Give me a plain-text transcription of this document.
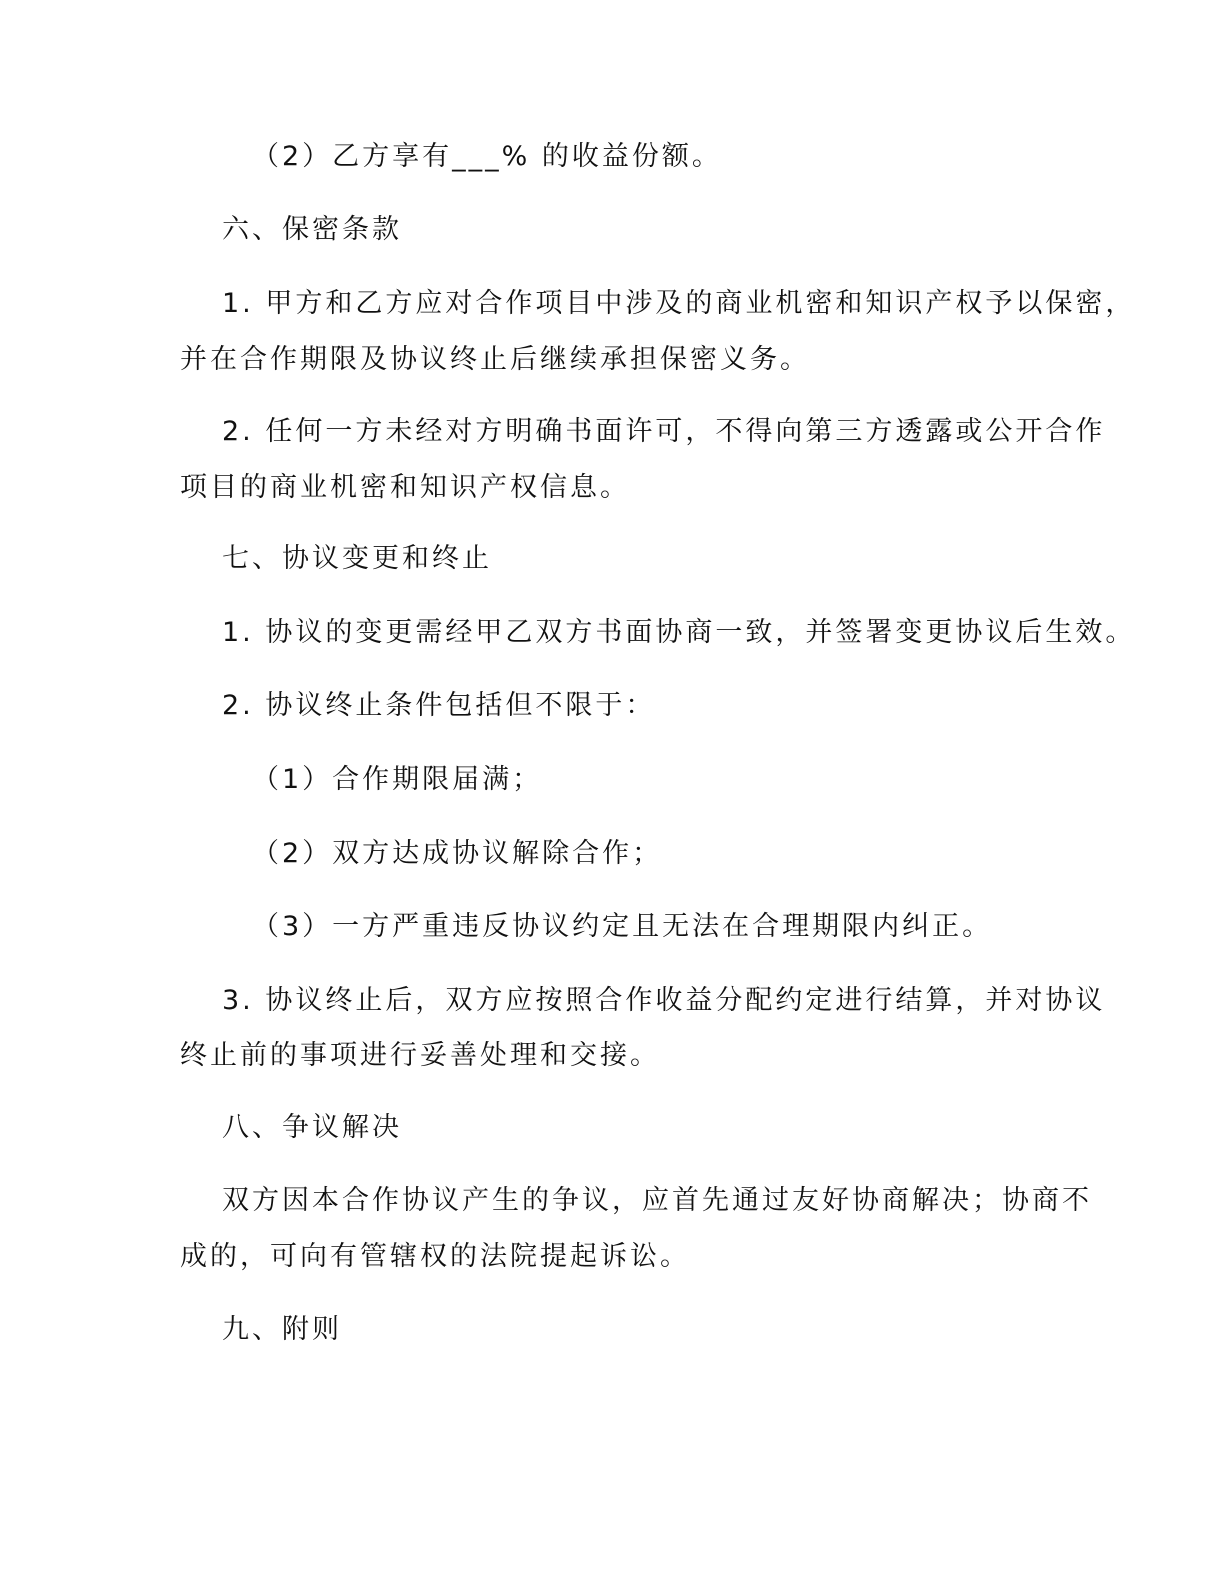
（2）乙方享有___% 的收益份额。

六、保密条款

1. 甲方和乙方应对合作项目中涉及的商业机密和知识产权予以保密，

并在合作期限及协议终止后继续承担保密义务。

2. 任何一方未经对方明确书面许可，不得向第三方透露或公开合作

项目的商业机密和知识产权信息。

七、协议变更和终止

1. 协议的变更需经甲乙双方书面协商一致，并签署变更协议后生效。

2. 协议终止条件包括但不限于：

（1）合作期限届满；

（2）双方达成协议解除合作；

（3）一方严重违反协议约定且无法在合理期限内纠正。

3. 协议终止后，双方应按照合作收益分配约定进行结算，并对协议

终止前的事项进行妥善处理和交接。

八、争议解决

双方因本合作协议产生的争议，应首先通过友好协商解决；协商不

成的，可向有管辖权的法院提起诉讼。

九、附则
